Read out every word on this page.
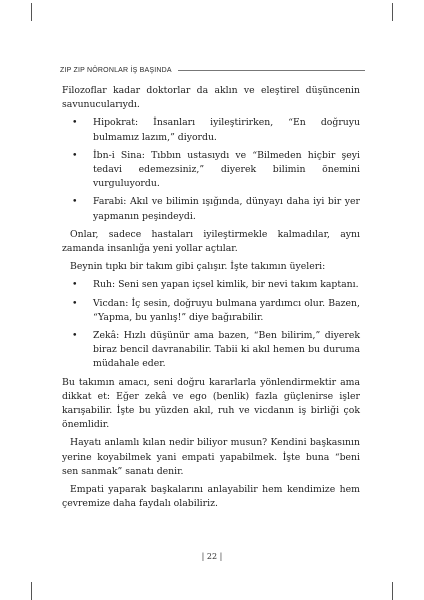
ZIP ZIP NÖRONLAR İŞ BAŞINDA

Filozoflar kadar doktorlar da aklın ve eleştirel düşüncenin savunucularıydı.

• Hipokrat: İnsanları iyileştirirken, “En doğruyu bulmamız lazım,” diyordu.
• İbn-i Sina: Tıbbın ustasıydı ve “Bilmeden hiçbir şeyi tedavi edemezsiniz,” diyerek bilimin önemini vurguluyordu.
• Farabi: Akıl ve bilimin ışığında, dünyayı daha iyi bir yer yapmanın peşindeydi.

Onlar, sadece hastaları iyileştirmekle kalmadılar, aynı zamanda insanlığa yeni yollar açtılar.

Beynin tıpkı bir takım gibi çalışır. İşte takımın üyeleri:

• Ruh: Seni sen yapan içsel kimlik, bir nevi takım kaptanı.
• Vicdan: İç sesin, doğruyu bulmana yardımcı olur. Bazen, “Yapma, bu yanlış!” diye bağırabilir.
• Zekâ: Hızlı düşünür ama bazen, “Ben bilirim,” diyerek biraz bencil davranabilir. Tabii ki akıl hemen bu duruma müdahale eder.

Bu takımın amacı, seni doğru kararlarla yönlendirmektir ama dikkat et: Eğer zekâ ve ego (benlik) fazla güçlenirse işler karışabilir. İşte bu yüzden akıl, ruh ve vicdanın iş birliği çok önemlidir.

Hayatı anlamlı kılan nedir biliyor musun? Kendini başkasının yerine koyabilmek yani empati yapabilmek. İşte buna “beni sen sanmak” sanatı denir.

Empati yaparak başkalarını anlayabilir hem kendimize hem çevremize daha faydalı olabiliriz.

| 22 |
